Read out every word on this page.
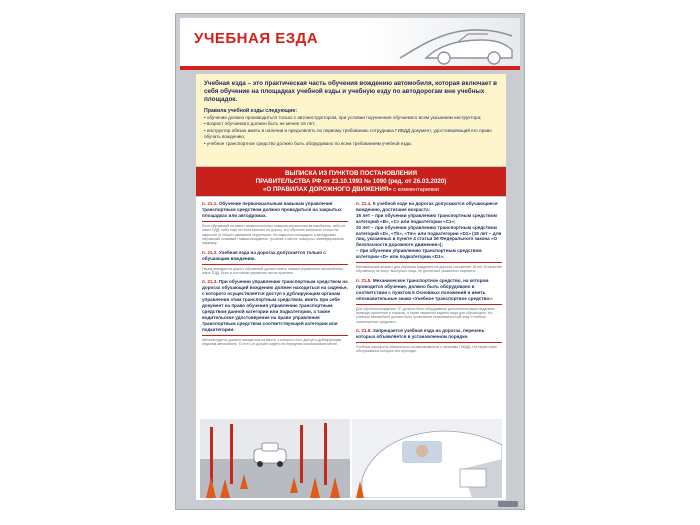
УЧЕБНАЯ ЕЗДА

Учебная езда – это практическая часть обучения вождению автомобиля, которая включает в себя обучение на площадках учебной езды и учебную езду по автодорогам вне учебных площадок.

Правила учебной езды следующие:

• обучение должно производиться только с автоинструктором, при условии подчинения обучаемого всем указаниям инструктора;
• возраст обучаемого должен быть не менее 16 лет;
• инструктор обязан иметь в наличии и предъявлять по первому требованию сотрудника ГИБДД документ, удостоверяющий его право обучать вождению;
• учебное транспортное средство должно быть оборудовано по всем требованиям учебной езды.
ВЫПИСКА ИЗ ПУНКТОВ ПОСТАНОВЛЕНИЯ
ПРАВИТЕЛЬСТВА РФ от 23.10.1993 № 1090 (ред. от 26.03.2020)
«О ПРАВИЛАХ ДОРОЖНОГО ДВИЖЕНИЯ» с комментариями

п. 21.1. Обучение первоначальным навыкам управления транспортным средством должно проводиться на закрытых площадках или автодромах.

Если обучаемый не имеет первоначальных навыков управления автомобилем, либо не знает ПДД, либо ещё не готов выехать на дорогу, его обучение возможно только на закрытой от общего движения территории. На закрытых площадках и автодромах обучаемый осваивает навыки вождения: трогание с места, повороты, маневрирование, парковку.

п. 21.2. Учебная езда на дорогах допускается только с обучающим вождению.

Перед выездом на дорогу обучаемый должен иметь навыки управления автомобилем, знать ПДД, быть в состоянии управлять им на практике.

п. 21.3. При обучении управлению транспортным средством на дорогах обучающий вождению должен находиться на сиденье, с которого осуществляется доступ к дублирующим органам управления этим транспортным средством, иметь при себе документ на право обучения управлению транспортным средством данной категории или подкатегории, а также водительское удостоверение на право управления транспортным средством соответствующей категории или подкатегории.

Автоинструктор должен находиться на месте, с которого есть доступ к дублирующим педалям автомобиля. То есть он должен сидеть на переднем пассажирском месте.

п. 21.4. К учебной езде на дорогах допускаются обучающиеся вождению, достигшие возраста:

16 лет – при обучении управлению транспортным средством категорий «В», «С» или подкатегории «С1»;

20 лет – при обучении управлению транспортным средством категорий «D», «Tb», «Tm» или подкатегории «D1» (18 лет – для лиц, указанных в пункте 4 статьи 26 Федерального закона «О безопасности дорожного движения»);

– при обучении управлению транспортным средством категории «D» или подкатегории «D1».

Минимальный возраст для обучения вождению на дорогах составляет 16 лет. В качестве обучаемого не могут выступать лица, не достигшие указанного возраста.

п. 21.5. Механическое транспортное средство, на котором проводится обучение, должно быть оборудовано в соответствии с пунктом 5 Основных положений и иметь опознавательные знаки «Учебное транспортное средство».

Для обучения вождению ТС должны быть оборудованы дополнительными педалями привода сцепления и тормоза, а также зеркалом заднего вида для обучающего. На учебном автомобиле должен быть установлен опознавательный знак «Учебное транспортное средство».

п. 21.6. Запрещается учебная езда на дорогах, перечень которых объявляется в установленном порядке.

Учебные маршруты обязательно согласовываются с органами ГИБДД. На территории обслуживания которых они проходят.
